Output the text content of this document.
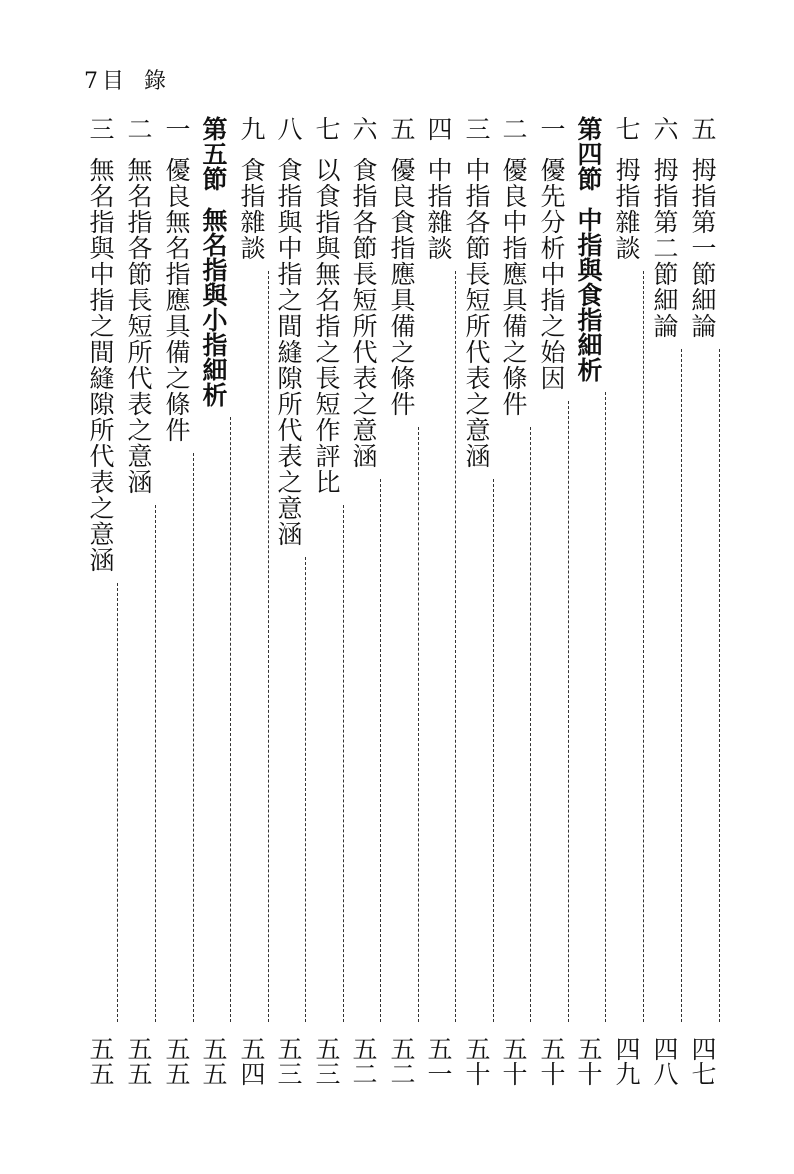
7目 錄
五
拇指第一節細論
四七
六
拇指第二節細論
四八
七
拇指雜談
四九
第四節
中指與食指細析
五十
一
優先分析中指之始因
五十
二
優良中指應具備之條件
五十
三
中指各節長短所代表之意涵
五十
四
中指雜談
五一
五
優良食指應具備之條件
五二
六
食指各節長短所代表之意涵
五二
七
以食指與無名指之長短作評比
五三
八
食指與中指之間縫隙所代表之意涵
五三
九
食指雜談
五四
第五節
無名指與小指細析
五五
一
優良無名指應具備之條件
五五
二
無名指各節長短所代表之意涵
五五
三
無名指與中指之間縫隙所代表之意涵
五五
